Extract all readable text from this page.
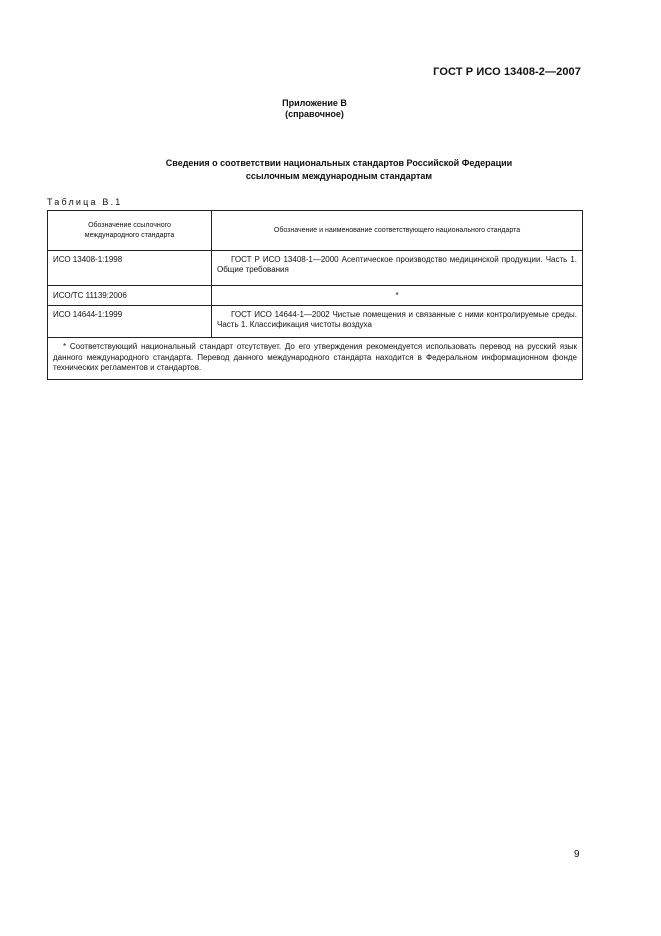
ГОСТ Р ИСО 13408-2—2007
Приложение В
(справочное)
Сведения о соответствии национальных стандартов Российской Федерации
ссылочным международным стандартам
Таблица В.1
Обозначение ссылочного
международного стандарта	Обозначение и наименование соответствующего национального стандарта
ИСО 13408-1:1998	ГОСТ Р ИСО 13408-1—2000 Асептическое производство медицинской продукции. Часть 1. Общие требования
ИСО/ТС 11139:2006	*
ИСО 14644-1:1999	ГОСТ ИСО 14644-1—2002 Чистые помещения и связанные с ними контролируемые среды. Часть 1. Классификация чистоты воздуха

* Соответствующий национальный стандарт отсутствует. До его утверждения рекомендуется использовать перевод на русский язык данного международного стандарта. Перевод данного международного стандарта находится в Федеральном информационном фонде технических регламентов и стандартов.	
9
